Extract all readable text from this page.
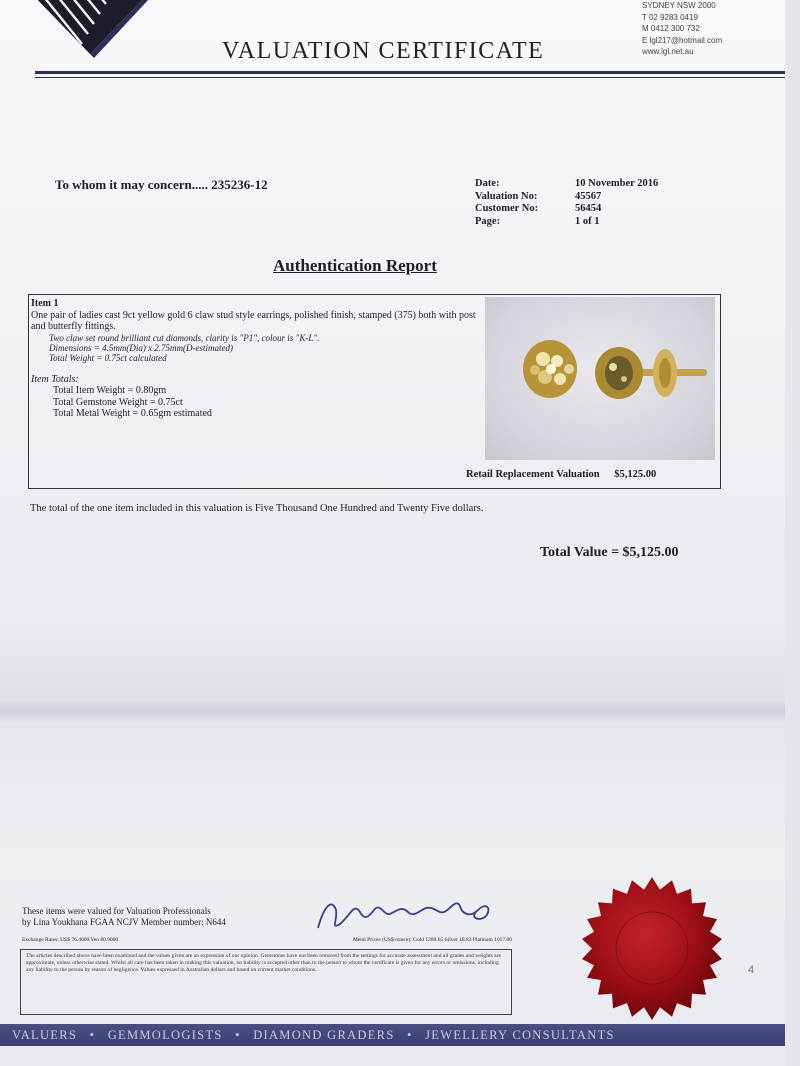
SYDNEY NSW 2000
T 02 9283 0419
M 0412 300 732
E lgl217@hotmail.com
www.lgl.net.au
VALUATION CERTIFICATE
To whom it may concern..... 235236-12	Date:	10 November 2016
Valuation No:	45567
Customer No:	56454
Page:	1 of 1
Authentication Report
Item 1
One pair of ladies cast 9ct yellow gold 6 claw stud style earrings, polished finish, stamped (375) both with post and butterfly fittings.
Two claw set round brilliant cut diamonds, clarity is "P1", colour is "K-L".
Dimensions = 4.5mm(Dia) x 2.75mm(D-estimated)
Total Weight = 0.75ct calculated
Item Totals:
Total Item Weight = 0.80gm
Total Gemstone Weight = 0.75ct
Total Metal Weight = 0.65gm estimated
Retail Replacement Valuation $5,125.00
The total of the one item included in this valuation is Five Thousand One Hundred and Twenty Five dollars.
Total Value = $5,125.00
These items were valued for Valuation Professionals
by Lina Youkhana FGAA NCJV Member number: N644
Exchange Rates: US$ 76.4600 Yen 80.9000	Metal Prices (US$/ounce): Gold 1280.65 Silver 18.83 Platinum 1017.00
The articles described above have been examined and the values given are an expression of our opinion. Gemstones have not been removed from the settings for accurate assessment and all grades and weights are approximate, unless otherwise stated. Whilst all care has been taken in making this valuation, no liability is accepted other than to the person to whom the certificate is given for any errors or omissions, including any liability to the person by reason of negligence. Values expressed in Australian dollars and based on current market conditions.	4
VALUERS • GEMMOLOGISTS • DIAMOND GRADERS • JEWELLERY CONSULTANTS
